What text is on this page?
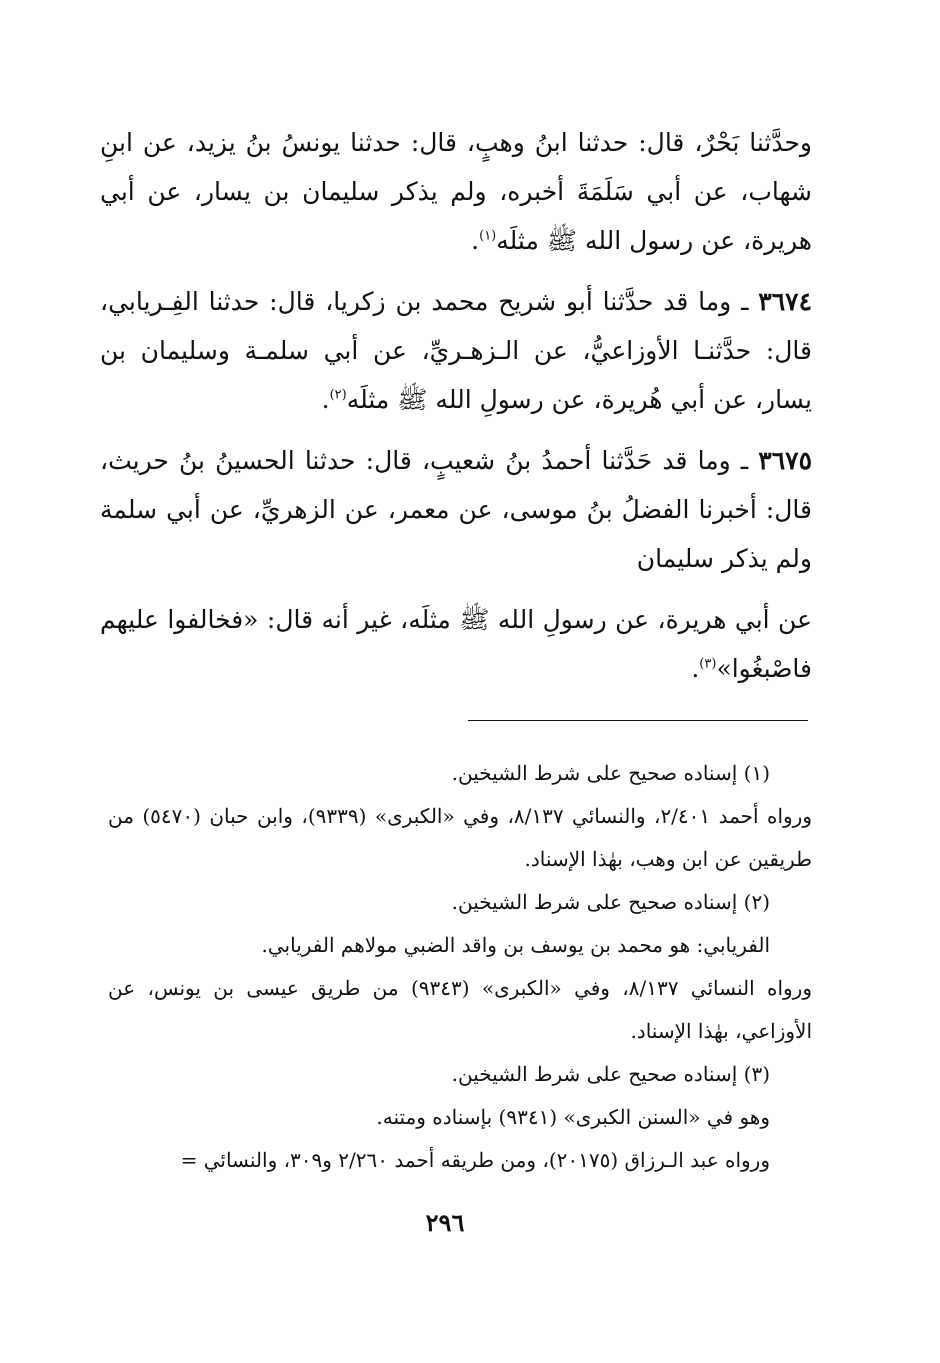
وحدَّثنا بَحْرٌ، قال: حدثنا ابنُ وهبٍ، قال: حدثنا يونسُ بنُ يزيد، عن ابنِ شهاب، عن أبي سَلَمَةَ أخبره، ولم يذكر سليمان بن يسار، عن أبي هريرة، عن رسول الله ﷺ مثلَه$^{(١)}$.

٣٦٧٤ ـ وما قد حدَّثنا أبو شريح محمد بن زكريا، قال: حدثنا الفِـريابي، قال: حدَّثنـا الأوزاعيُّ، عن الـزهـريِّ، عن أبي سلمـة وسليمان بن يسار، عن أبي هُريرة، عن رسولِ الله ﷺ مثلَه$^{(٢)}$.

٣٦٧٥ ـ وما قد حَدَّثنا أحمدُ بنُ شعيبٍ، قال: حدثنا الحسينُ بنُ حريث، قال: أخبرنا الفضلُ بنُ موسى، عن معمر، عن الزهريِّ، عن أبي سلمة ولم يذكر سليمان

عن أبي هريرة، عن رسولِ الله ﷺ مثلَه، غير أنه قال: «فخالفوا عليهم فاصْبغُوا»$^{(٣)}$.

(١) إسناده صحيح على شرط الشيخين.

ورواه أحمد ٢/٤٠١، والنسائي ٨/١٣٧، وفي «الكبرى» (٩٣٣٩)، وابن حبان (٥٤٧٠) من طريقين عن ابن وهب، بهٰذا الإسناد.

(٢) إسناده صحيح على شرط الشيخين.

الفريابي: هو محمد بن يوسف بن واقد الضبي مولاهم الفريابي.

ورواه النسائي ٨/١٣٧، وفي «الكبرى» (٩٣٤٣) من طريق عيسى بن يونس، عن الأوزاعي، بهٰذا الإسناد.

(٣) إسناده صحيح على شرط الشيخين.

وهو في «السنن الكبرى» (٩٣٤١) بإسناده ومتنه.

ورواه عبد الـرزاق (٢٠١٧٥)، ومن طريقه أحمد ٢/٢٦٠ و٣٠٩، والنسائي =

٢٩٦
